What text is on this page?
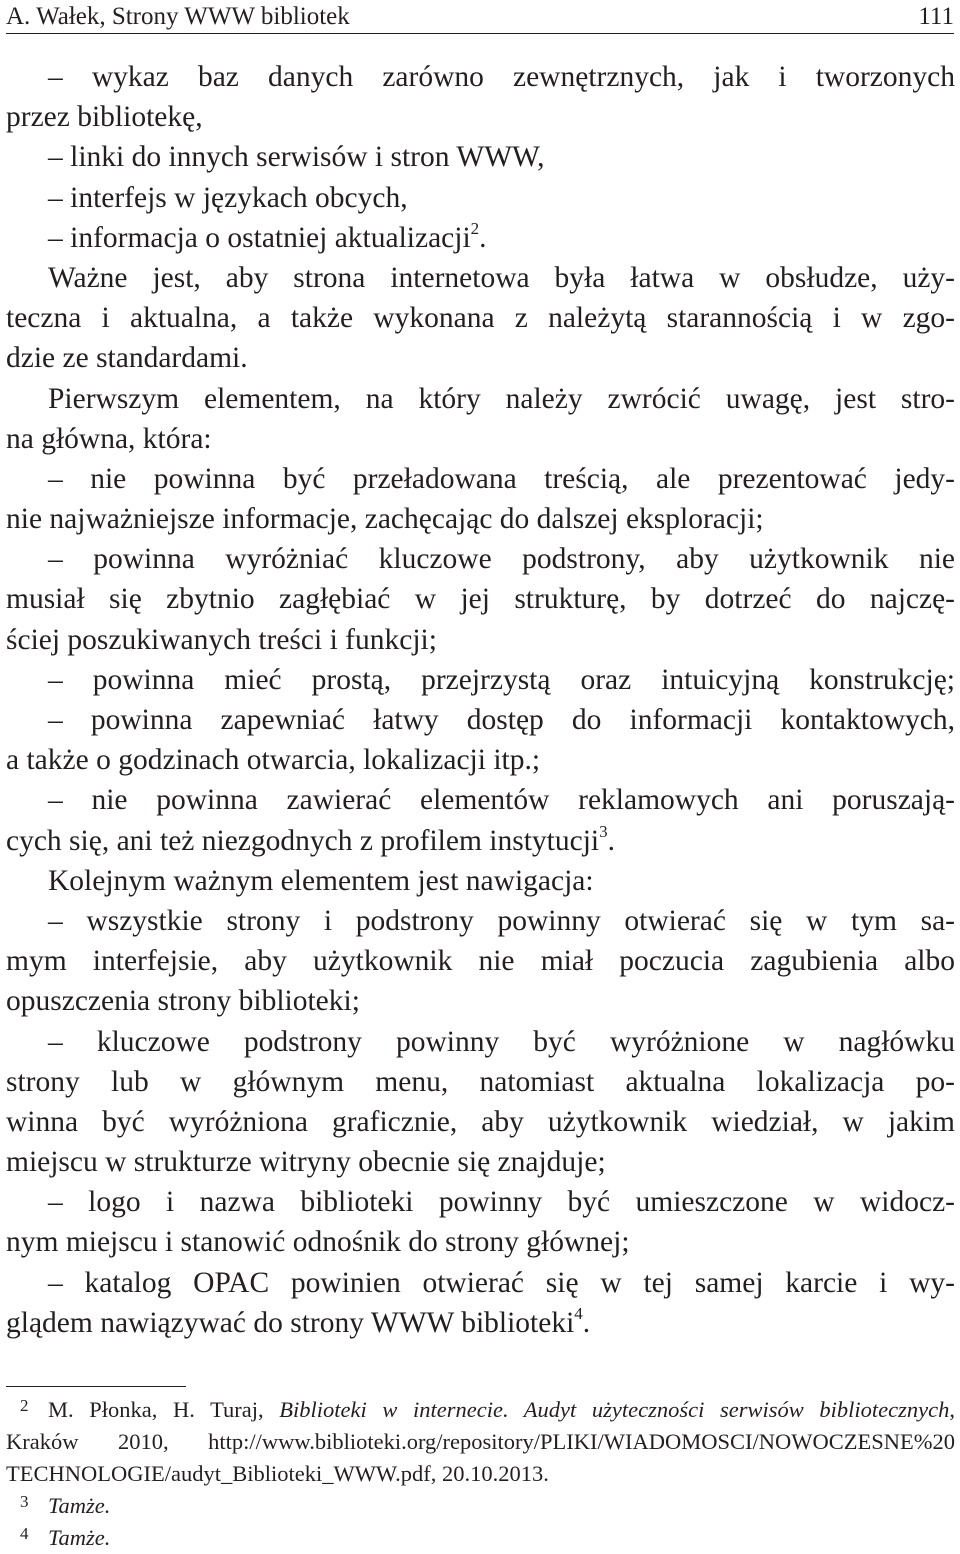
A. Wałek, Strony WWW bibliotek	111
– wykaz baz danych zarówno zewnętrznych, jak i tworzonych
przez bibliotekę,
– linki do innych serwisów i stron WWW,
– interfejs w językach obcych,
– informacja o ostatniej aktualizacji$^2$.
Ważne jest, aby strona internetowa była łatwa w obsłudze, uży-
teczna i aktualna, a także wykonana z należytą starannością i w zgo-
dzie ze standardami.
Pierwszym elementem, na który należy zwrócić uwagę, jest stro-
na główna, która:
– nie powinna być przeładowana treścią, ale prezentować jedy-
nie najważniejsze informacje, zachęcając do dalszej eksploracji;
– powinna wyróżniać kluczowe podstrony, aby użytkownik nie
musiał się zbytnio zagłębiać w jej strukturę, by dotrzeć do najczę-
ściej poszukiwanych treści i funkcji;
– powinna mieć prostą, przejrzystą oraz intuicyjną konstrukcję;
– powinna zapewniać łatwy dostęp do informacji kontaktowych,
a także o godzinach otwarcia, lokalizacji itp.;
– nie powinna zawierać elementów reklamowych ani poruszają-
cych się, ani też niezgodnych z profilem instytucji$^3$.
Kolejnym ważnym elementem jest nawigacja:
– wszystkie strony i podstrony powinny otwierać się w tym sa-
mym interfejsie, aby użytkownik nie miał poczucia zagubienia albo
opuszczenia strony biblioteki;
– kluczowe podstrony powinny być wyróżnione w nagłówku
strony lub w głównym menu, natomiast aktualna lokalizacja po-
winna być wyróżniona graficznie, aby użytkownik wiedział, w jakim
miejscu w strukturze witryny obecnie się znajduje;
– logo i nazwa biblioteki powinny być umieszczone w widocz-
nym miejscu i stanowić odnośnik do strony głównej;
– katalog OPAC powinien otwierać się w tej samej karcie i wy-
glądem nawiązywać do strony WWW biblioteki$^4$.
2 M. Płonka, H. Turaj, Biblioteki w internecie. Audyt użyteczności serwisów bibliotecznych,
Kraków 2010, http://www.biblioteki.org/repository/PLIKI/WIADOMOSCI/NOWOCZESNE%20
TECHNOLOGIE/audyt_Biblioteki_WWW.pdf, 20.10.2013.
3 Tamże.
4 Tamże.
